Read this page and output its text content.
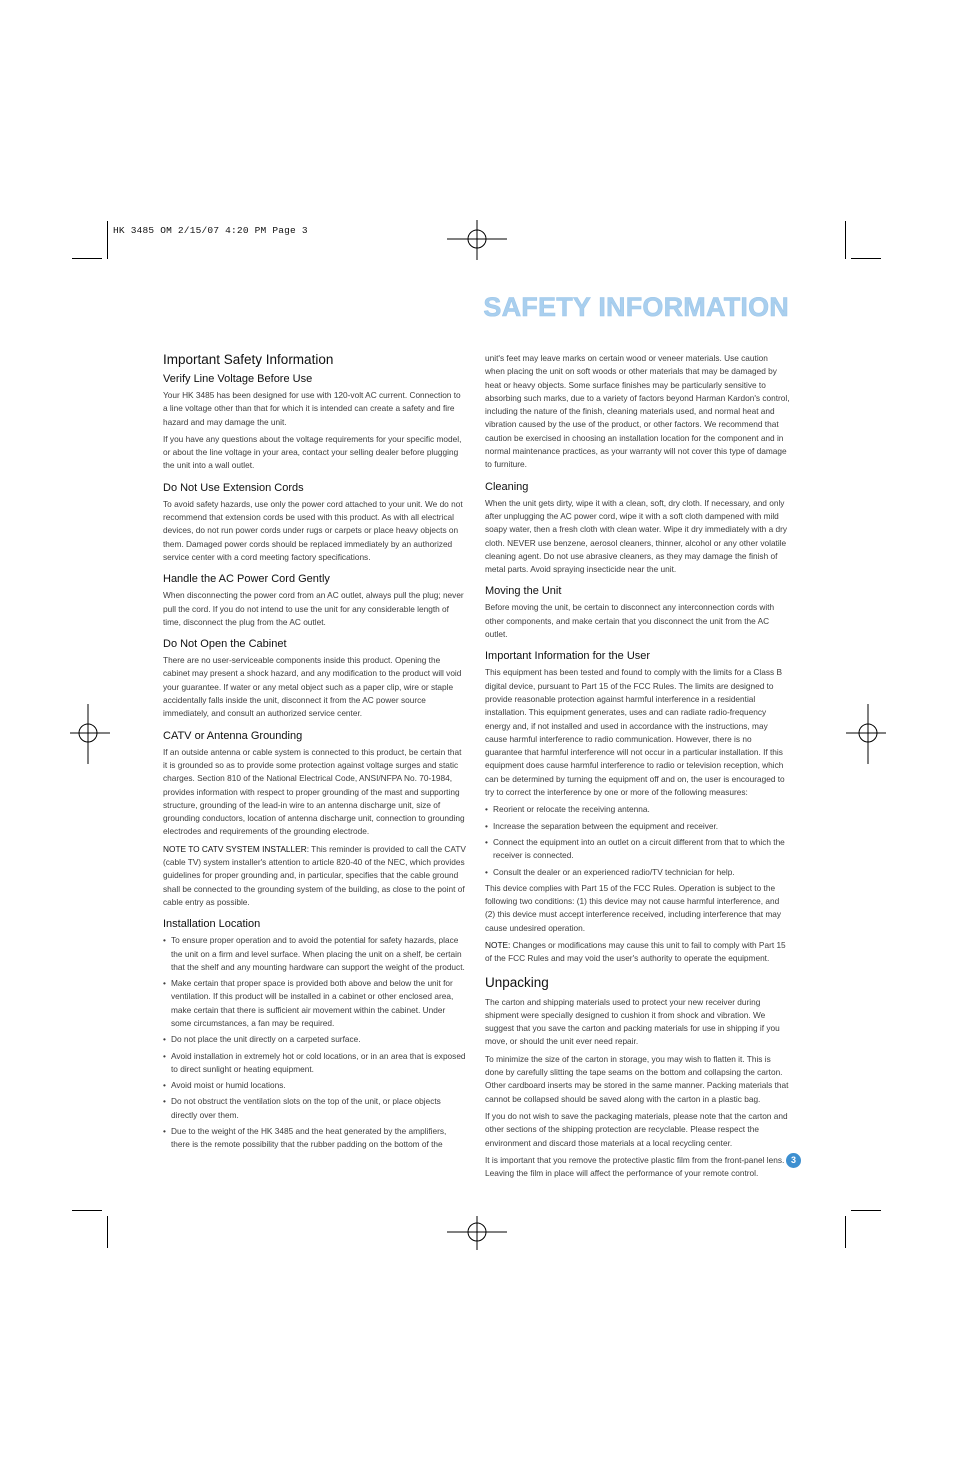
HK 3485 OM 2/15/07 4:20 PM Page 3
SAFETY INFORMATION
Important Safety Information
Verify Line Voltage Before Use

Your HK 3485 has been designed for use with 120-volt AC current. Connection to a line voltage other than that for which it is intended can create a safety and fire hazard and may damage the unit.

If you have any questions about the voltage requirements for your specific model, or about the line voltage in your area, contact your selling dealer before plugging the unit into a wall outlet.

Do Not Use Extension Cords

To avoid safety hazards, use only the power cord attached to your unit. We do not recommend that extension cords be used with this product. As with all electrical devices, do not run power cords under rugs or carpets or place heavy objects on them. Damaged power cords should be replaced immediately by an authorized service center with a cord meeting factory specifications.

Handle the AC Power Cord Gently

When disconnecting the power cord from an AC outlet, always pull the plug; never pull the cord. If you do not intend to use the unit for any considerable length of time, disconnect the plug from the AC outlet.

Do Not Open the Cabinet

There are no user-serviceable components inside this product. Opening the cabinet may present a shock hazard, and any modification to the product will void your guarantee. If water or any metal object such as a paper clip, wire or staple accidentally falls inside the unit, disconnect it from the AC power source immediately, and consult an authorized service center.

CATV or Antenna Grounding

If an outside antenna or cable system is connected to this product, be certain that it is grounded so as to provide some protection against voltage surges and static charges. Section 810 of the National Electrical Code, ANSI/NFPA No. 70-1984, provides information with respect to proper grounding of the mast and supporting structure, grounding of the lead-in wire to an antenna discharge unit, size of grounding conductors, location of antenna discharge unit, connection to grounding electrodes and requirements of the grounding electrode.

NOTE TO CATV SYSTEM INSTALLER: This reminder is provided to call the CATV (cable TV) system installer's attention to article 820-40 of the NEC, which provides guidelines for proper grounding and, in particular, specifies that the cable ground shall be connected to the grounding system of the building, as close to the point of cable entry as possible.

Installation Location
• To ensure proper operation and to avoid the potential for safety hazards, place the unit on a firm and level surface. When placing the unit on a shelf, be certain that the shelf and any mounting hardware can support the weight of the product.
• Make certain that proper space is provided both above and below the unit for ventilation. If this product will be installed in a cabinet or other enclosed area, make certain that there is sufficient air movement within the cabinet. Under some circumstances, a fan may be required.
• Do not place the unit directly on a carpeted surface.
• Avoid installation in extremely hot or cold locations, or in an area that is exposed to direct sunlight or heating equipment.
• Avoid moist or humid locations.
• Do not obstruct the ventilation slots on the top of the unit, or place objects directly over them.
• Due to the weight of the HK 3485 and the heat generated by the amplifiers, there is the remote possibility that the rubber padding on the bottom of the

unit's feet may leave marks on certain wood or veneer materials. Use caution when placing the unit on soft woods or other materials that may be damaged by heat or heavy objects. Some surface finishes may be particularly sensitive to absorbing such marks, due to a variety of factors beyond Harman Kardon's control, including the nature of the finish, cleaning materials used, and normal heat and vibration caused by the use of the product, or other factors. We recommend that caution be exercised in choosing an installation location for the component and in normal maintenance practices, as your warranty will not cover this type of damage to furniture.

Cleaning

When the unit gets dirty, wipe it with a clean, soft, dry cloth. If necessary, and only after unplugging the AC power cord, wipe it with a soft cloth dampened with mild soapy water, then a fresh cloth with clean water. Wipe it dry immediately with a dry cloth. NEVER use benzene, aerosol cleaners, thinner, alcohol or any other volatile cleaning agent. Do not use abrasive cleaners, as they may damage the finish of metal parts. Avoid spraying insecticide near the unit.

Moving the Unit

Before moving the unit, be certain to disconnect any interconnection cords with other components, and make certain that you disconnect the unit from the AC outlet.

Important Information for the User

This equipment has been tested and found to comply with the limits for a Class B digital device, pursuant to Part 15 of the FCC Rules. The limits are designed to provide reasonable protection against harmful interference in a residential installation. This equipment generates, uses and can radiate radio-frequency energy and, if not installed and used in accordance with the instructions, may cause harmful interference to radio communication. However, there is no guarantee that harmful interference will not occur in a particular installation. If this equipment does cause harmful interference to radio or television reception, which can be determined by turning the equipment off and on, the user is encouraged to try to correct the interference by one or more of the following measures:

• Reorient or relocate the receiving antenna.
• Increase the separation between the equipment and receiver.
• Connect the equipment into an outlet on a circuit different from that to which the receiver is connected.
• Consult the dealer or an experienced radio/TV technician for help.

This device complies with Part 15 of the FCC Rules. Operation is subject to the following two conditions: (1) this device may not cause harmful interference, and (2) this device must accept interference received, including interference that may cause undesired operation.

NOTE: Changes or modifications may cause this unit to fail to comply with Part 15 of the FCC Rules and may void the user's authority to operate the equipment.

Unpacking

The carton and shipping materials used to protect your new receiver during shipment were specially designed to cushion it from shock and vibration. We suggest that you save the carton and packing materials for use in shipping if you move, or should the unit ever need repair.

To minimize the size of the carton in storage, you may wish to flatten it. This is done by carefully slitting the tape seams on the bottom and collapsing the carton. Other cardboard inserts may be stored in the same manner. Packing materials that cannot be collapsed should be saved along with the carton in a plastic bag.

If you do not wish to save the packaging materials, please note that the carton and other sections of the shipping protection are recyclable. Please respect the environment and discard those materials at a local recycling center.

It is important that you remove the protective plastic film from the front-panel lens. Leaving the film in place will affect the performance of your remote control.

3
